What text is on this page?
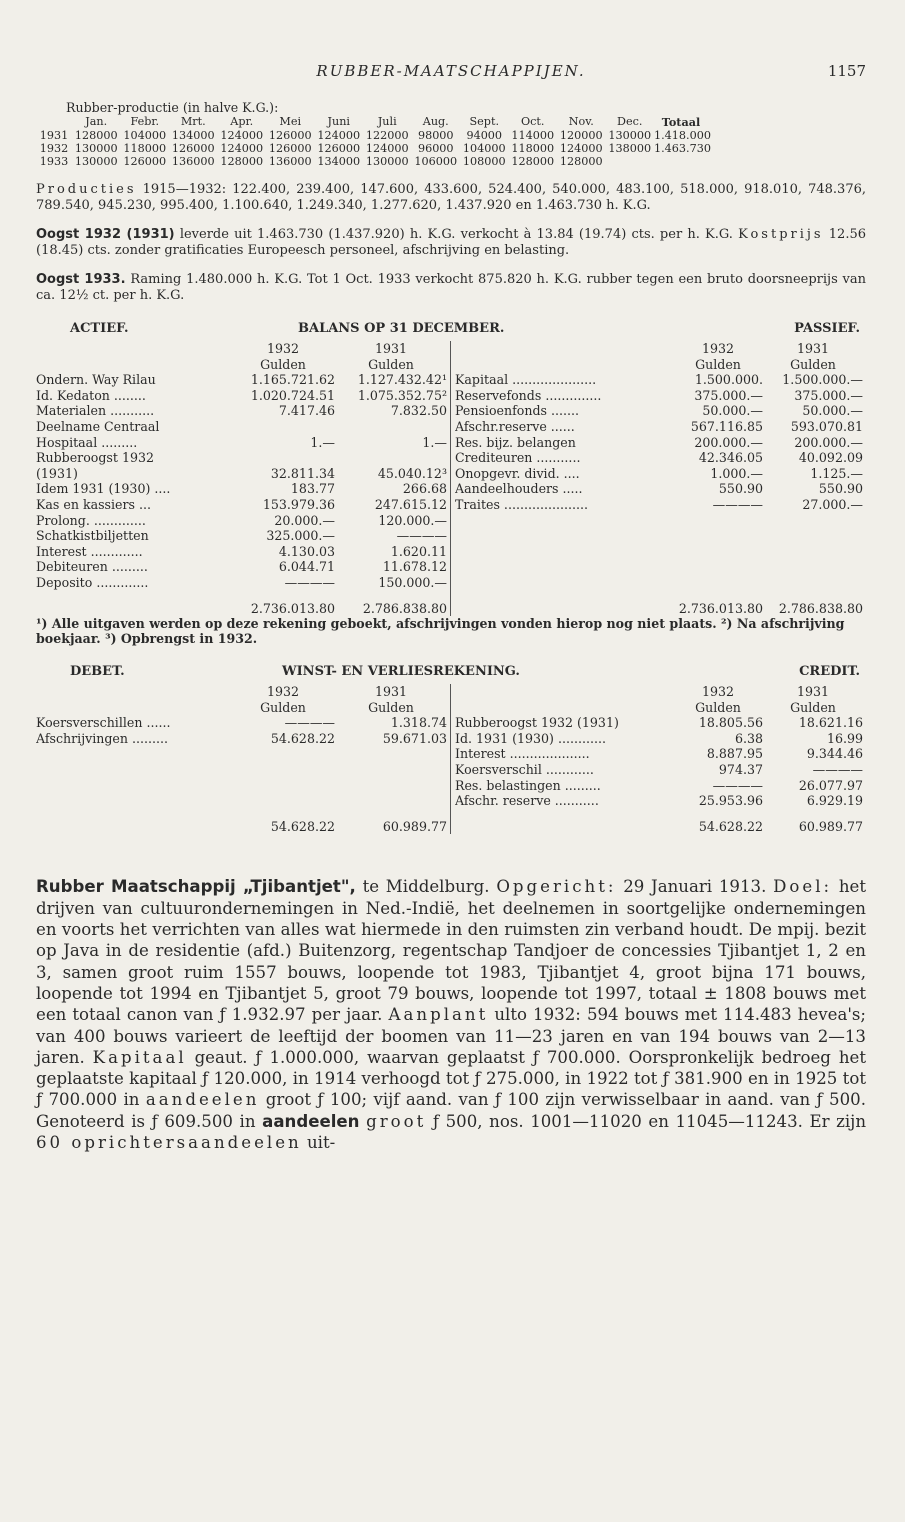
RUBBER-MAATSCHAPPIJEN.	1157
Rubber-productie (in halve K.G.):
Jan.	Febr.	Mrt.	Apr.	Mei	Juni	Juli	Aug.	Sept.	Oct.	Nov.	Dec.	Totaal
1931 128000 104000 134000 124000 126000 124000 122000 98000	94000 114000 120000 130000 1.418.000
1932 130000 118000 126000 124000 126000 126000 124000 96000 104000 118000 124000 138000 1.463.730
1933 130000 126000 136000 128000 136000 134000 130000 106000 108000 128000 128000
Producties 1915—1932: 122.400, 239.400, 147.600, 433.600, 524.400, 540.000, 483.100, 518.000, 918.010, 748.376, 789.540, 945.230, 995.400, 1.100.640, 1.249.340, 1.277.620, 1.437.920 en 1.463.730 h. K.G.
Oogst 1932 (1931) leverde uit 1.463.730 (1.437.920) h. K.G. verkocht à 13.84 (19.74) cts. per h. K.G. Kostprijs 12.56 (18.45) cts. zonder gratificaties Europeesch personeel, afschrijving en belasting.
Oogst 1933. Raming 1.480.000 h. K.G. Tot 1 Oct. 1933 verkocht 875.820 h. K.G. rubber tegen een bruto doorsneeprijs van ca. 12½ ct. per h. K.G.
ACTIEF.	BALANS OP 31 DECEMBER.	PASSIEF.
1932	1931
Gulden	Gulden
Ondern. Way Rilau	1.165.721.62	1.127.432.42¹
Id. Kedaton ........	1.020.724.51	1.075.352.75²
Materialen ...........	7.417.46	7.832.50
Deelname Centraal
Hospitaal .........	1.—	1.—
Rubberoogst 1932
(1931)	32.811.34	45.040.12³
Idem 1931 (1930) ....	183.77	266.68
Kas en kassiers ...	153.979.36	247.615.12
Prolong. .............	20.000.—	120.000.—
Schatkistbiljetten	325.000.—	————
Interest .............	4.130.03	1.620.11
Debiteuren .........	6.044.71	11.678.12
Deposito .............	————	150.000.—
2.736.013.80	2.786.838.80
1932	1931
Gulden	Gulden
Kapitaal .....................	1.500.000.	1.500.000.—
Reservefonds ..............	375.000.—	375.000.—
Pensioenfonds .......	50.000.—	50.000.—
Afschr.reserve ......	567.116.85	593.070.81
Res. bijz. belangen	200.000.—	200.000.—
Crediteuren ...........	42.346.05	40.092.09
Onopgevr. divid. ....	1.000.—	1.125.—
Aandeelhouders .....	550.90	550.90
Traites .....................	————	27.000.—

2.736.013.80	2.786.838.80
¹) Alle uitgaven werden op deze rekening geboekt, afschrijvingen vonden hierop nog niet plaats. ²) Na afschrijving boekjaar. ³) Opbrengst in 1932.
DEBET.	WINST- EN VERLIESREKENING.	CREDIT.
1932	1931
Gulden	Gulden
Koersverschillen ......	————	1.318.74
Afschrijvingen .........	54.628.22	59.671.03

54.628.22	60.989.77
1932	1931
Gulden	Gulden
Rubberoogst 1932 (1931)	18.805.56	18.621.16
Id. 1931 (1930) ............	6.38	16.99
Interest ....................	8.887.95	9.344.46
Koersverschil ............	974.37	————
Res. belastingen .........	————	26.077.97
Afschr. reserve ...........	25.953.96	6.929.19
54.628.22	60.989.77
Rubber Maatschappij „Tjibantjet", te Middelburg. Opgericht: 29 Januari 1913. Doel: het drijven van cultuurondernemingen in Ned.-Indië, het deelnemen in soortgelijke ondernemingen en voorts het verrichten van alles wat hiermede in den ruimsten zin verband houdt. De mpij. bezit op Java in de residentie (afd.) Buitenzorg, regentschap Tandjoer de concessies Tjibantjet 1, 2 en 3, samen groot ruim 1557 bouws, loopende tot 1983, Tjibantjet 4, groot bijna 171 bouws, loopende tot 1994 en Tjibantjet 5, groot 79 bouws, loopende tot 1997, totaal ± 1808 bouws met een totaal canon van ƒ 1.932.97 per jaar. Aanplant ulto 1932: 594 bouws met 114.483 hevea's; van 400 bouws varieert de leeftijd der boomen van 11—23 jaren en van 194 bouws van 2—13 jaren. Kapitaal geaut. ƒ 1.000.000, waarvan geplaatst ƒ 700.000. Oorspronkelijk bedroeg het geplaatste kapitaal ƒ 120.000, in 1914 verhoogd tot ƒ 275.000, in 1922 tot ƒ 381.900 en in 1925 tot ƒ 700.000 in aandeelen groot ƒ 100; vijf aand. van ƒ 100 zijn verwisselbaar in aand. van ƒ 500. Genoteerd is ƒ 609.500 in aandeelen groot ƒ 500, nos. 1001—11020 en 11045—11243. Er zijn 60 oprichtersaandeelen uit-
